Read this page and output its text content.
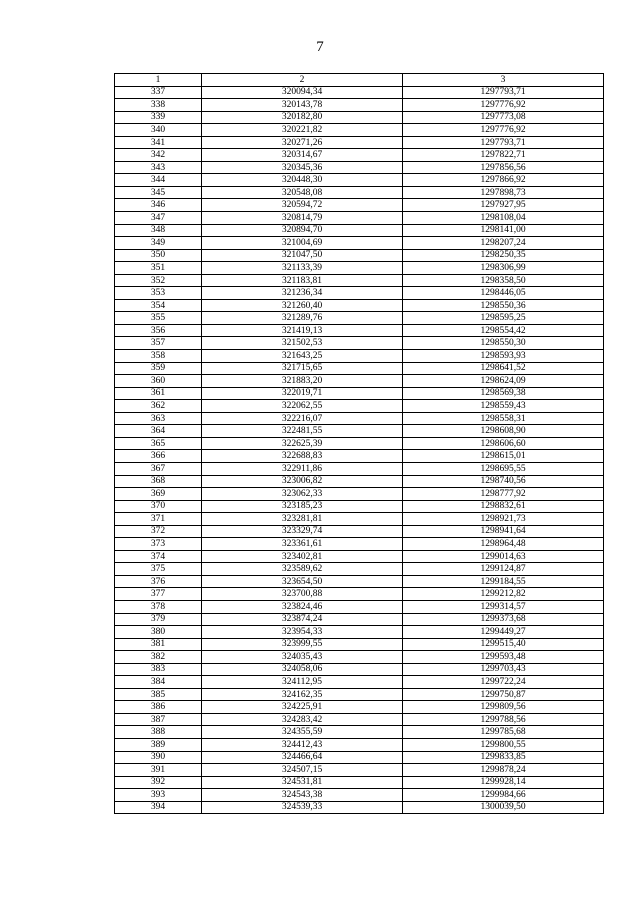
7
1	2	3
337	320094,34	1297793,71
338	320143,78	1297776,92
339	320182,80	1297773,08
340	320221,82	1297776,92
341	320271,26	1297793,71
342	320314,67	1297822,71
343	320345,36	1297856,56
344	320448,30	1297866,92
345	320548,08	1297898,73
346	320594,72	1297927,95
347	320814,79	1298108,04
348	320894,70	1298141,00
349	321004,69	1298207,24
350	321047,50	1298250,35
351	321133,39	1298306,99
352	321183,81	1298358,50
353	321236,34	1298446,05
354	321260,40	1298550,36
355	321289,76	1298595,25
356	321419,13	1298554,42
357	321502,53	1298550,30
358	321643,25	1298593,93
359	321715,65	1298641,52
360	321883,20	1298624,09
361	322019,71	1298569,38
362	322062,55	1298559,43
363	322216,07	1298558,31
364	322481,55	1298608,90
365	322625,39	1298606,60
366	322688,83	1298615,01
367	322911,86	1298695,55
368	323006,82	1298740,56
369	323062,33	1298777,92
370	323185,23	1298832,61
371	323281,81	1298921,73
372	323329,74	1298941,64
373	323361,61	1298964,48
374	323402,81	1299014,63
375	323589,62	1299124,87
376	323654,50	1299184,55
377	323700,88	1299212,82
378	323824,46	1299314,57
379	323874,24	1299373,68
380	323954,33	1299449,27
381	323999,55	1299515,40
382	324035,43	1299593,48
383	324058,06	1299703,43
384	324112,95	1299722,24
385	324162,35	1299750,87
386	324225,91	1299809,56
387	324283,42	1299788,56
388	324355,59	1299785,68
389	324412,43	1299800,55
390	324466,64	1299833,85
391	324507,15	1299878,24
392	324531,81	1299928,14
393	324543,38	1299984,66
394	324539,33	1300039,50
